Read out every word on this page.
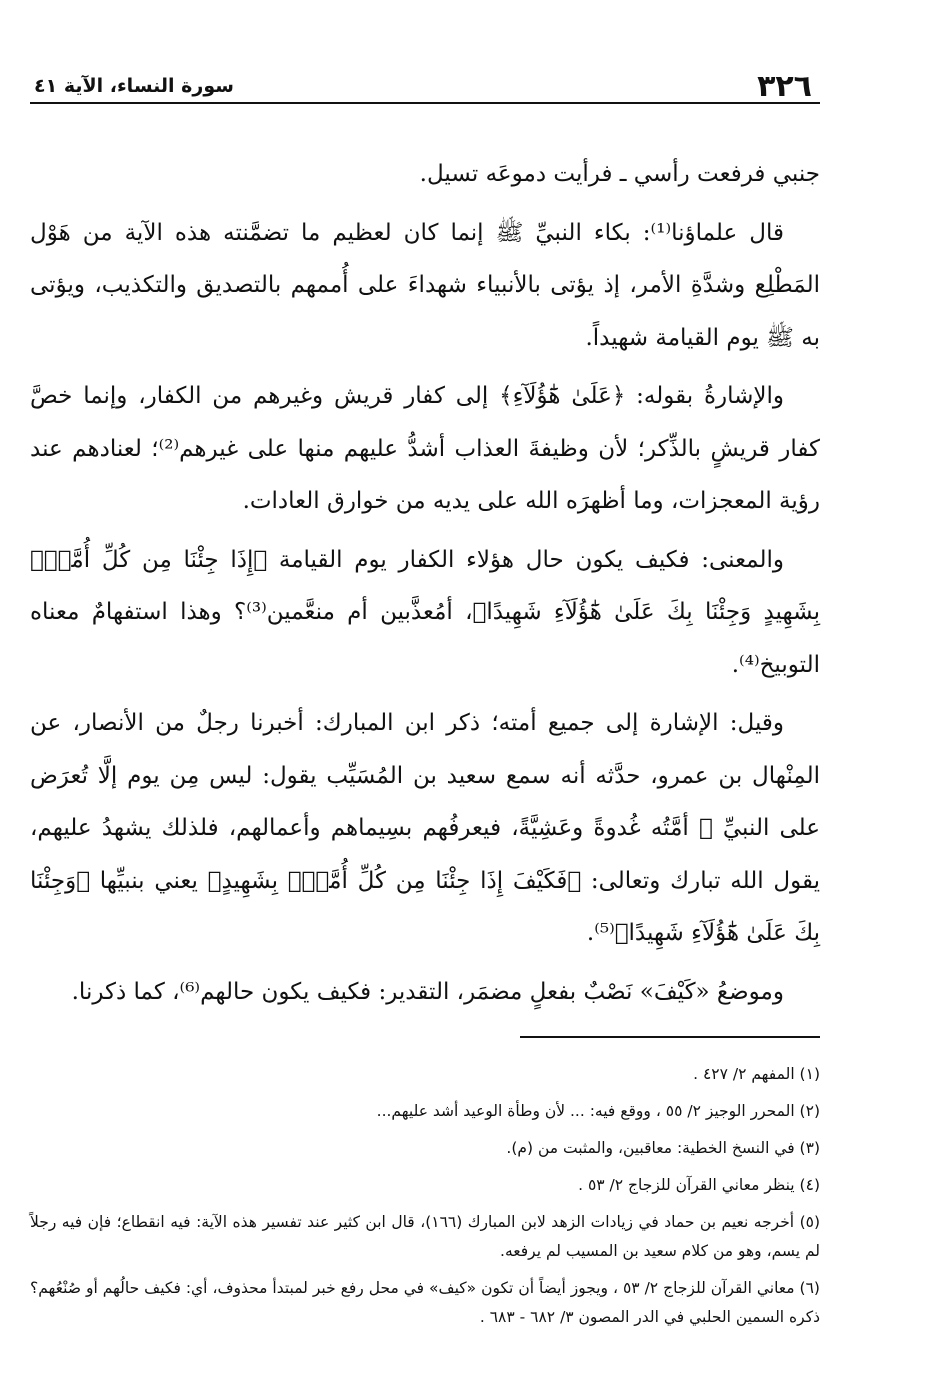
٣٢٦
سورة النساء، الآية ٤١

جنبي فرفعت رأسي ـ فرأيت دموعَه تسيل.

قال علماؤنا⁽¹⁾: بكاء النبيِّ ﷺ إنما كان لعظيم ما تضمَّنته هذه الآية من هَوْل المَطْلِع وشدَّةِ الأمر، إذ يؤتى بالأنبياء شهداءَ على أُممهم بالتصديق والتكذيب، ويؤتى به ﷺ يوم القيامة شهيداً.

والإشارةُ بقوله: ﴿عَلَىٰ هَٰٓؤُلَآءِ﴾ إلى كفار قريش وغيرهم من الكفار، وإنما خصَّ كفار قريشٍ بالذِّكر؛ لأن وظيفةَ العذاب أشدُّ عليهم منها على غيرهم⁽²⁾؛ لعنادهم عند رؤية المعجزات، وما أظهرَه الله على يديه من خوارق العادات.

والمعنى: فكيف يكون حال هؤلاء الكفار يوم القيامة ﴿إِذَا جِئْنَا مِن كُلِّ أُمَّةٍۭ بِشَهِيدٍ وَجِئْنَا بِكَ عَلَىٰ هَٰٓؤُلَآءِ شَهِيدًا﴾، أمُعذَّبين أم منعَّمين⁽³⁾؟ وهذا استفهامٌ معناه التوبيخ⁽⁴⁾.

وقيل: الإشارة إلى جميع أمته؛ ذكر ابن المبارك: أخبرنا رجلٌ من الأنصار، عن المِنْهال بن عمرو، حدَّثه أنه سمع سعيد بن المُسَيِّب يقول: ليس مِن يوم إلَّا تُعرَض على النبيِّ ﷺ أمَّتُه غُدوةً وعَشِيَّةً، فيعرفُهم بسِيماهم وأعمالهم، فلذلك يشهدُ عليهم، يقول الله تبارك وتعالى: ﴿فَكَيْفَ إِذَا جِئْنَا مِن كُلِّ أُمَّةٍۭ بِشَهِيدٍ﴾ يعني بنبيِّها ﴿وَجِئْنَا بِكَ عَلَىٰ هَٰٓؤُلَآءِ شَهِيدًا﴾⁽⁵⁾.

وموضعُ «كَيْفَ» نَصْبٌ بفعلٍ مضمَر، التقدير: فكيف يكون حالهم⁽⁶⁾، كما ذكرنا.

(١) المفهم ٢/ ٤٢٧ .

(٢) المحرر الوجيز ٢/ ٥٥ ، ووقع فيه: ... لأن وطأة الوعيد أشد عليهم...

(٣) في النسخ الخطية: معاقبين، والمثبت من (م).

(٤) ينظر معاني القرآن للزجاج ٢/ ٥٣ .

(٥) أخرجه نعيم بن حماد في زيادات الزهد لابن المبارك (١٦٦)، قال ابن كثير عند تفسير هذه الآية: فيه انقطاع؛ فإن فيه رجلاً لم يسم، وهو من كلام سعيد بن المسيب لم يرفعه.

(٦) معاني القرآن للزجاج ٢/ ٥٣ ، ويجوز أيضاً أن تكون «كيف» في محل رفع خبر لمبتدأ محذوف، أي: فكيف حالُهم أو صُنْعُهم؟ ذكره السمين الحلبي في الدر المصون ٣/ ٦٨٢ - ٦٨٣ .
